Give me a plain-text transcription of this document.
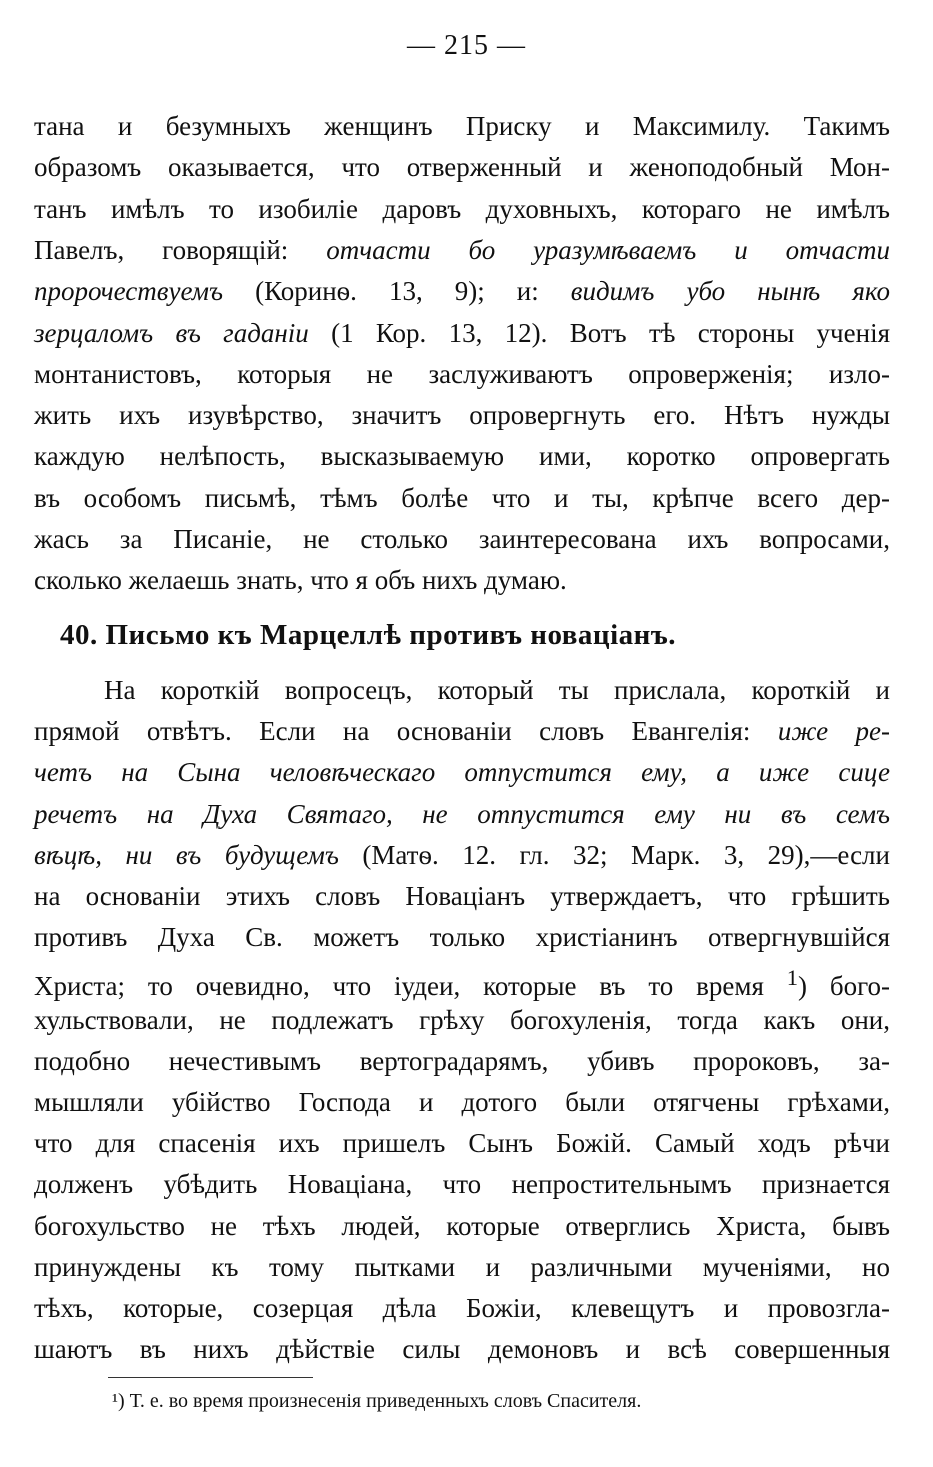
— 215 —
тана и безумныхъ женщинъ Приску и Максимилу. Такимъ
образомъ оказывается, что отверженный и женоподобный Мон-
танъ имѣлъ то изобиліе даровъ духовныхъ, котораго не имѣлъ
Павелъ, говорящій: отчасти бо уразумѣваемъ и отчасти
пророчествуемъ (Коринѳ. 13, 9); и: видимъ убо нынѣ яко
зерцаломъ въ гаданіи (1 Кор. 13, 12). Вотъ тѣ стороны ученія
монтанистовъ, которыя не заслуживаютъ опроверженія; изло-
жить ихъ изувѣрство, значитъ опровергнуть его. Нѣтъ нужды
каждую нелѣпость, высказываемую ими, коротко опровергать
въ особомъ письмѣ, тѣмъ болѣе что и ты, крѣпче всего дер-
жась за Писаніе, не столько заинтересована ихъ вопросами,
сколько желаешь знать, что я объ нихъ думаю.
40. Письмо къ Марцеллѣ противъ новаціанъ.
На короткій вопросецъ, который ты прислала, короткій и
прямой отвѣтъ. Если на основаніи словъ Евангелія: иже ре-
четъ на Сына человѣческаго отпустится ему, а иже сице
речетъ на Духа Святаго, не отпустится ему ни въ семъ
вѣцѣ, ни въ будущемъ (Матѳ. 12. гл. 32; Марк. 3, 29),—если
на основаніи этихъ словъ Новаціанъ утверждаетъ, что грѣшить
противъ Духа Св. можетъ только христіанинъ отвергнувшійся
Христа; то очевидно, что іудеи, которые въ то время $^1$) бого-
хульствовали, не подлежатъ грѣху богохуленія, тогда какъ они,
подобно нечестивымъ вертоградарямъ, убивъ пророковъ, за-
мышляли убійство Господа и дотого были отягчены грѣхами,
что для спасенія ихъ пришелъ Сынъ Божій. Самый ходъ рѣчи
долженъ убѣдить Новаціана, что непростительнымъ признается
богохульство не тѣхъ людей, которые отверглись Христа, бывъ
принуждены къ тому пытками и различными мученіями, но
тѣхъ, которые, созерцая дѣла Божіи, клевещутъ и провозгла-
шаютъ въ нихъ дѣйствіе силы демоновъ и всѣ совершенныя
¹) Т. е. во время произнесенія приведенныхъ словъ Спасителя.
